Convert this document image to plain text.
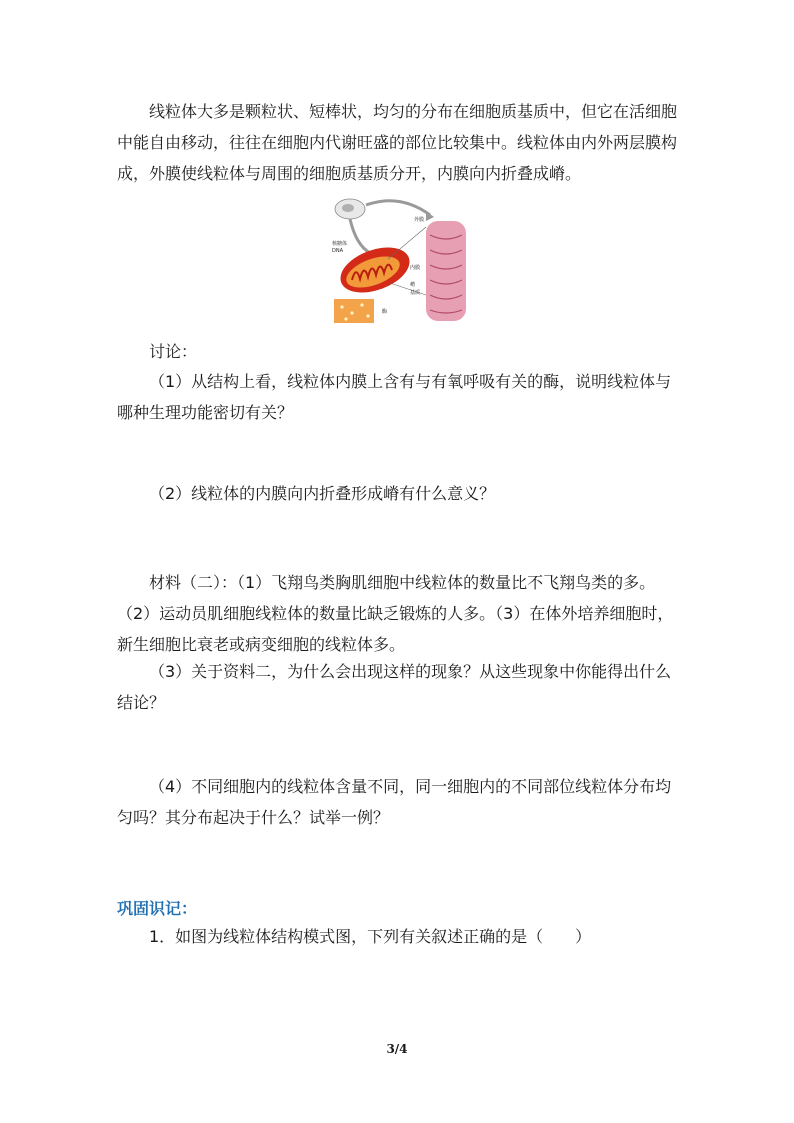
线粒体大多是颗粒状、短棒状，均匀的分布在细胞质基质中，但它在活细胞中能自由移动，往往在细胞内代谢旺盛的部位比较集中。线粒体由内外两层膜构成，外膜使线粒体与周围的细胞质基质分开，内膜向内折叠成嵴。

核糖体
DNA
外膜
内膜
嵴
基质
酶

讨论：

（1）从结构上看，线粒体内膜上含有与有氧呼吸有关的酶，说明线粒体与哪种生理功能密切有关？

（2）线粒体的内膜向内折叠形成嵴有什么意义？

材料（二）：（1）飞翔鸟类胸肌细胞中线粒体的数量比不飞翔鸟类的多。（2）运动员肌细胞线粒体的数量比缺乏锻炼的人多。（3）在体外培养细胞时，新生细胞比衰老或病变细胞的线粒体多。

（3）关于资料二，为什么会出现这样的现象？从这些现象中你能得出什么结论？

（4）不同细胞内的线粒体含量不同，同一细胞内的不同部位线粒体分布均匀吗？其分布起决于什么？试举一例？

巩固识记：

1．如图为线粒体结构模式图，下列有关叙述正确的是（　　）

3/4
